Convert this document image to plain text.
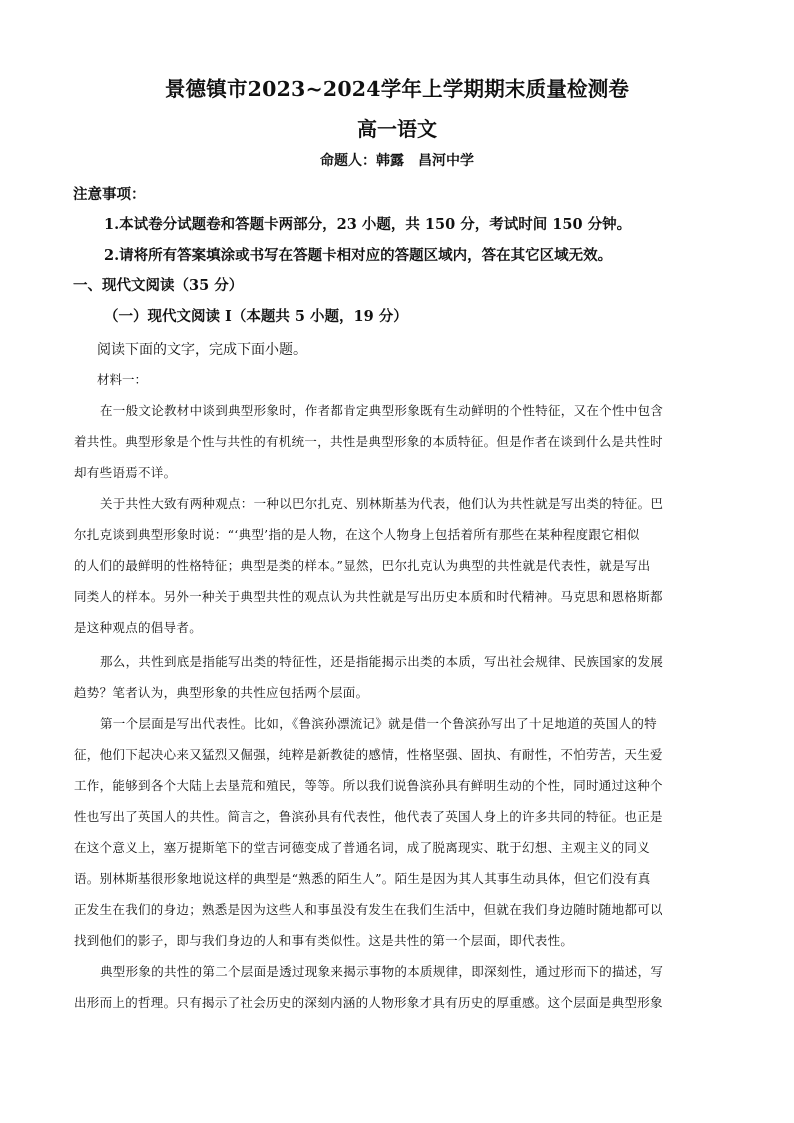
景德镇市2023~2024学年上学期期末质量检测卷
高一语文
命题人：韩露　昌河中学
注意事项：
1.本试卷分试题卷和答题卡两部分，23 小题，共 150 分，考试时间 150 分钟。
2.请将所有答案填涂或书写在答题卡相对应的答题区域内，答在其它区域无效。
一、现代文阅读（35 分）
（一）现代文阅读 I（本题共 5 小题，19 分）
阅读下面的文字，完成下面小题。
材料一：
在一般文论教材中谈到典型形象时，作者都肯定典型形象既有生动鲜明的个性特征，又在个性中包含
着共性。典型形象是个性与共性的有机统一，共性是典型形象的本质特征。但是作者在谈到什么是共性时
却有些语焉不详。
关于共性大致有两种观点：一种以巴尔扎克、别林斯基为代表，他们认为共性就是写出类的特征。巴
尔扎克谈到典型形象时说：“‘典型’指的是人物，在这个人物身上包括着所有那些在某种程度跟它相似
的人们的最鲜明的性格特征；典型是类的样本。”显然，巴尔扎克认为典型的共性就是代表性，就是写出
同类人的样本。另外一种关于典型共性的观点认为共性就是写出历史本质和时代精神。马克思和恩格斯都
是这种观点的倡导者。
那么，共性到底是指能写出类的特征性，还是指能揭示出类的本质，写出社会规律、民族国家的发展
趋势？笔者认为，典型形象的共性应包括两个层面。
第一个层面是写出代表性。比如，《鲁滨孙漂流记》就是借一个鲁滨孙写出了十足地道的英国人的特
征，他们下起决心来又猛烈又倔强，纯粹是新教徒的感情，性格坚强、固执、有耐性，不怕劳苦，天生爱
工作，能够到各个大陆上去垦荒和殖民，等等。所以我们说鲁滨孙具有鲜明生动的个性，同时通过这种个
性也写出了英国人的共性。简言之，鲁滨孙具有代表性，他代表了英国人身上的许多共同的特征。也正是
在这个意义上，塞万提斯笔下的堂吉诃德变成了普通名词，成了脱离现实、耽于幻想、主观主义的同义
语。别林斯基很形象地说这样的典型是“熟悉的陌生人”。陌生是因为其人其事生动具体，但它们没有真
正发生在我们的身边；熟悉是因为这些人和事虽没有发生在我们生活中，但就在我们身边随时随地都可以
找到他们的影子，即与我们身边的人和事有类似性。这是共性的第一个层面，即代表性。
典型形象的共性的第二个层面是透过现象来揭示事物的本质规律，即深刻性，通过形而下的描述，写
出形而上的哲理。只有揭示了社会历史的深刻内涵的人物形象才具有历史的厚重感。这个层面是典型形象
